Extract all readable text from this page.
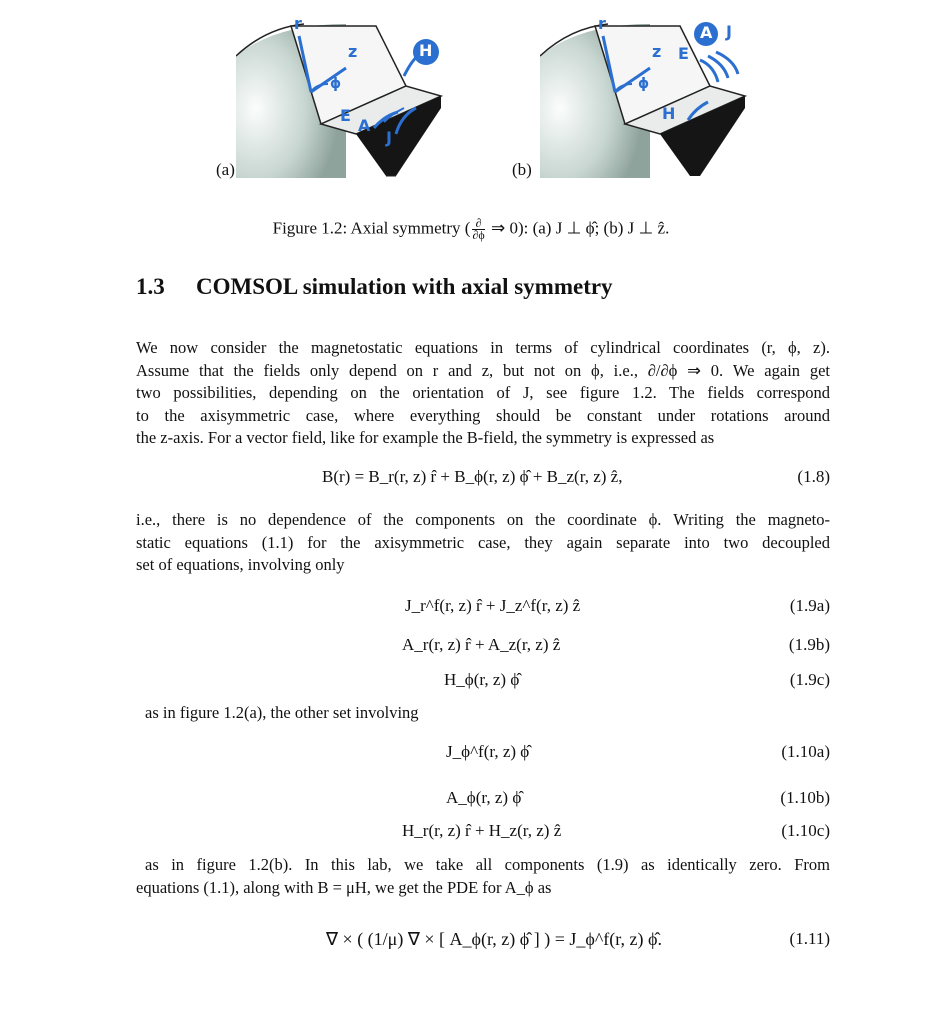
r
z
ϕ
H
E
A
J
(a)
r
z
ϕ
A J
E
H
(b)
Figure 1.2: Axial symmetry ( $\frac{\partial}{\partial\phi}$ ⇒ 0): (a) J ⊥ ϕ̂; (b) J ⊥ ẑ.
1.3 COMSOL simulation with axial symmetry
We now consider the magnetostatic equations in terms of cylindrical coordinates (r, ϕ, z).
Assume that the fields only depend on r and z, but not on ϕ, i.e., ∂/∂ϕ ⇒ 0. We again get
two possibilities, depending on the orientation of J, see figure 1.2. The fields correspond
to the axisymmetric case, where everything should be constant under rotations around
the z-axis. For a vector field, like for example the B-field, the symmetry is expressed as
B(r) = B_r(r, z) r̂ + B_ϕ(r, z) ϕ̂ + B_z(r, z) ẑ,	(1.8)
i.e., there is no dependence of the components on the coordinate ϕ. Writing the magneto-
static equations (1.1) for the axisymmetric case, they again separate into two decoupled
set of equations, involving only
J_r^f(r, z) r̂ + J_z^f(r, z) ẑ	(1.9a)
A_r(r, z) r̂ + A_z(r, z) ẑ	(1.9b)
H_ϕ(r, z) ϕ̂	(1.9c)
as in figure 1.2(a), the other set involving
J_ϕ^f(r, z) ϕ̂	(1.10a)
A_ϕ(r, z) ϕ̂	(1.10b)
H_r(r, z) r̂ + H_z(r, z) ẑ	(1.10c)
as in figure 1.2(b). In this lab, we take all components (1.9) as identically zero. From
equations (1.1), along with B = μH, we get the PDE for A_ϕ as
∇ × ( (1/μ) ∇ × [ A_ϕ(r, z) ϕ̂ ] ) = J_ϕ^f(r, z) ϕ̂.	(1.11)
